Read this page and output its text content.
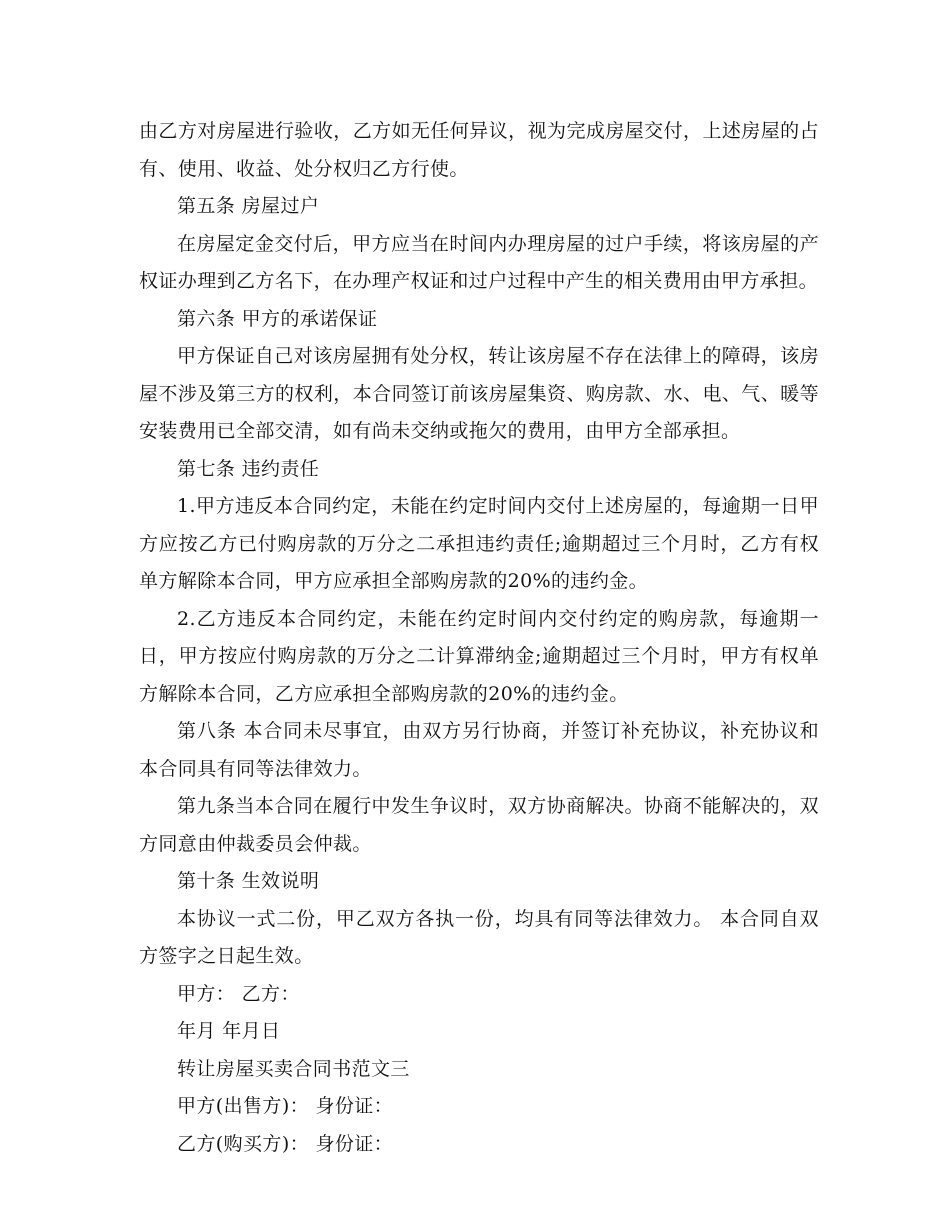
由乙方对房屋进行验收，乙方如无任何异议，视为完成房屋交付，上述房屋的占有、使用、收益、处分权归乙方行使。

第五条 房屋过户

在房屋定金交付后，甲方应当在时间内办理房屋的过户手续，将该房屋的产权证办理到乙方名下，在办理产权证和过户过程中产生的相关费用由甲方承担。

第六条 甲方的承诺保证

甲方保证自己对该房屋拥有处分权，转让该房屋不存在法律上的障碍，该房屋不涉及第三方的权利，本合同签订前该房屋集资、购房款、水、电、气、暖等安装费用已全部交清，如有尚未交纳或拖欠的费用，由甲方全部承担。

第七条 违约责任

1.甲方违反本合同约定，未能在约定时间内交付上述房屋的，每逾期一日甲方应按乙方已付购房款的万分之二承担违约责任;逾期超过三个月时，乙方有权单方解除本合同，甲方应承担全部购房款的20%的违约金。

2.乙方违反本合同约定，未能在约定时间内交付约定的购房款，每逾期一日，甲方按应付购房款的万分之二计算滞纳金;逾期超过三个月时，甲方有权单方解除本合同，乙方应承担全部购房款的20%的违约金。

第八条 本合同未尽事宜，由双方另行协商，并签订补充协议，补充协议和本合同具有同等法律效力。

第九条当本合同在履行中发生争议时，双方协商解决。协商不能解决的，双方同意由仲裁委员会仲裁。

第十条 生效说明

本协议一式二份，甲乙双方各执一份，均具有同等法律效力。 本合同自双方签字之日起生效。

甲方： 乙方：

年月 年月日

转让房屋买卖合同书范文三

甲方(出售方)： 身份证：

乙方(购买方)： 身份证：
